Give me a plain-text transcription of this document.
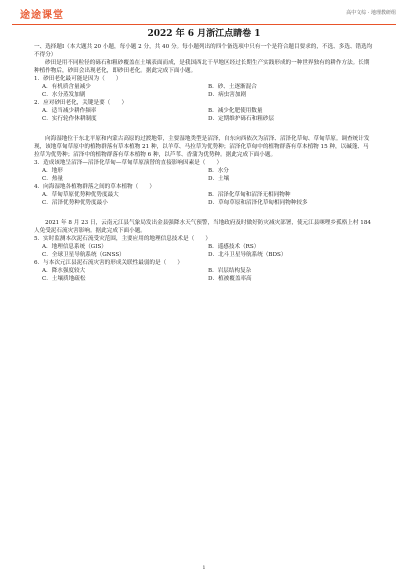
途途课堂	高中文综 · 地理教研组
2022 年 6 月浙江点睛卷 1

一、选择题Ⅰ（本大题共 20 小题，每小题 2 分，共 40 分。每小题列出的四个备选项中只有一个是符合题目要求的，不选、多选、错选均不得分）

砂田是用不同粒径的砾石和粗砂覆盖在土壤表面而成，是我国西北干旱地区经过长期生产实践形成的一种世界独有的耕作方法。长期种植作物后，砂田会出现老化，即砂田老化。据此完成下面小题。

1．砂田老化最可能是因为（　　）

A．有机质含量减少	B．砂、土逐渐混合
C．水分蒸发加剧	D．病虫害加剧

2．应对砂田老化，关键是要（　　）

A．适当减少耕作频率	B．减少化肥使用数量
C．实行轮作休耕制度	D．定期维护砾石和粗砂层

向海湿地位于东北平原和内蒙古高原的过渡地带，主要湿地类型是沼泽，自东向西依次为沼泽、沼泽化草甸、草甸草原。调查统计发现，该地草甸草原中的植物群落有草本植物 21 种，以羊草、马拉草为优势种；沼泽化草甸中的植物群落有草本植物 15 种，以碱蓬、马拉草为优势种；沼泽中的植物群落有草本植物 6 种，以芦苇、香蒲为优势种。据此完成下面小题。

3．造成该地呈沼泽—沼泽化草甸—草甸草原演替的直接影响因素是（　　）

A．地形	B．水分
C．热量	D．土壤

4．向海湿地各植物群落之间的草本植物（　　）

A．草甸草原优势种优势度最大	B．沼泽化草甸和沼泽无相同物种
C．沼泽优势种优势度最小	D．草甸草原和沼泽化草甸相同物种较多

2021 年 8 月 23 日，云南元江县气象局发出金县强降水天气预警，当地政府及时做好防灾减灾部署，使元江县咪哩乡孤格上村 184 人免受泥石流灾害影响。据此完成下面小题。

5．实时监测本次泥石流受灾范围，主要应用的地理信息技术是（　　）

A．地理信息系统（GIS）	B．遥感技术（RS）
C．全球卫星导航系统（GNSS）	D．北斗卫星导航系统（BDS）

6．与本次元江县泥石流灾害的形成关联性最弱的是（　　）

A．降水强度较大	B．岩层结构复杂
C．土壤质地疏松	D．植被覆盖率高
1
